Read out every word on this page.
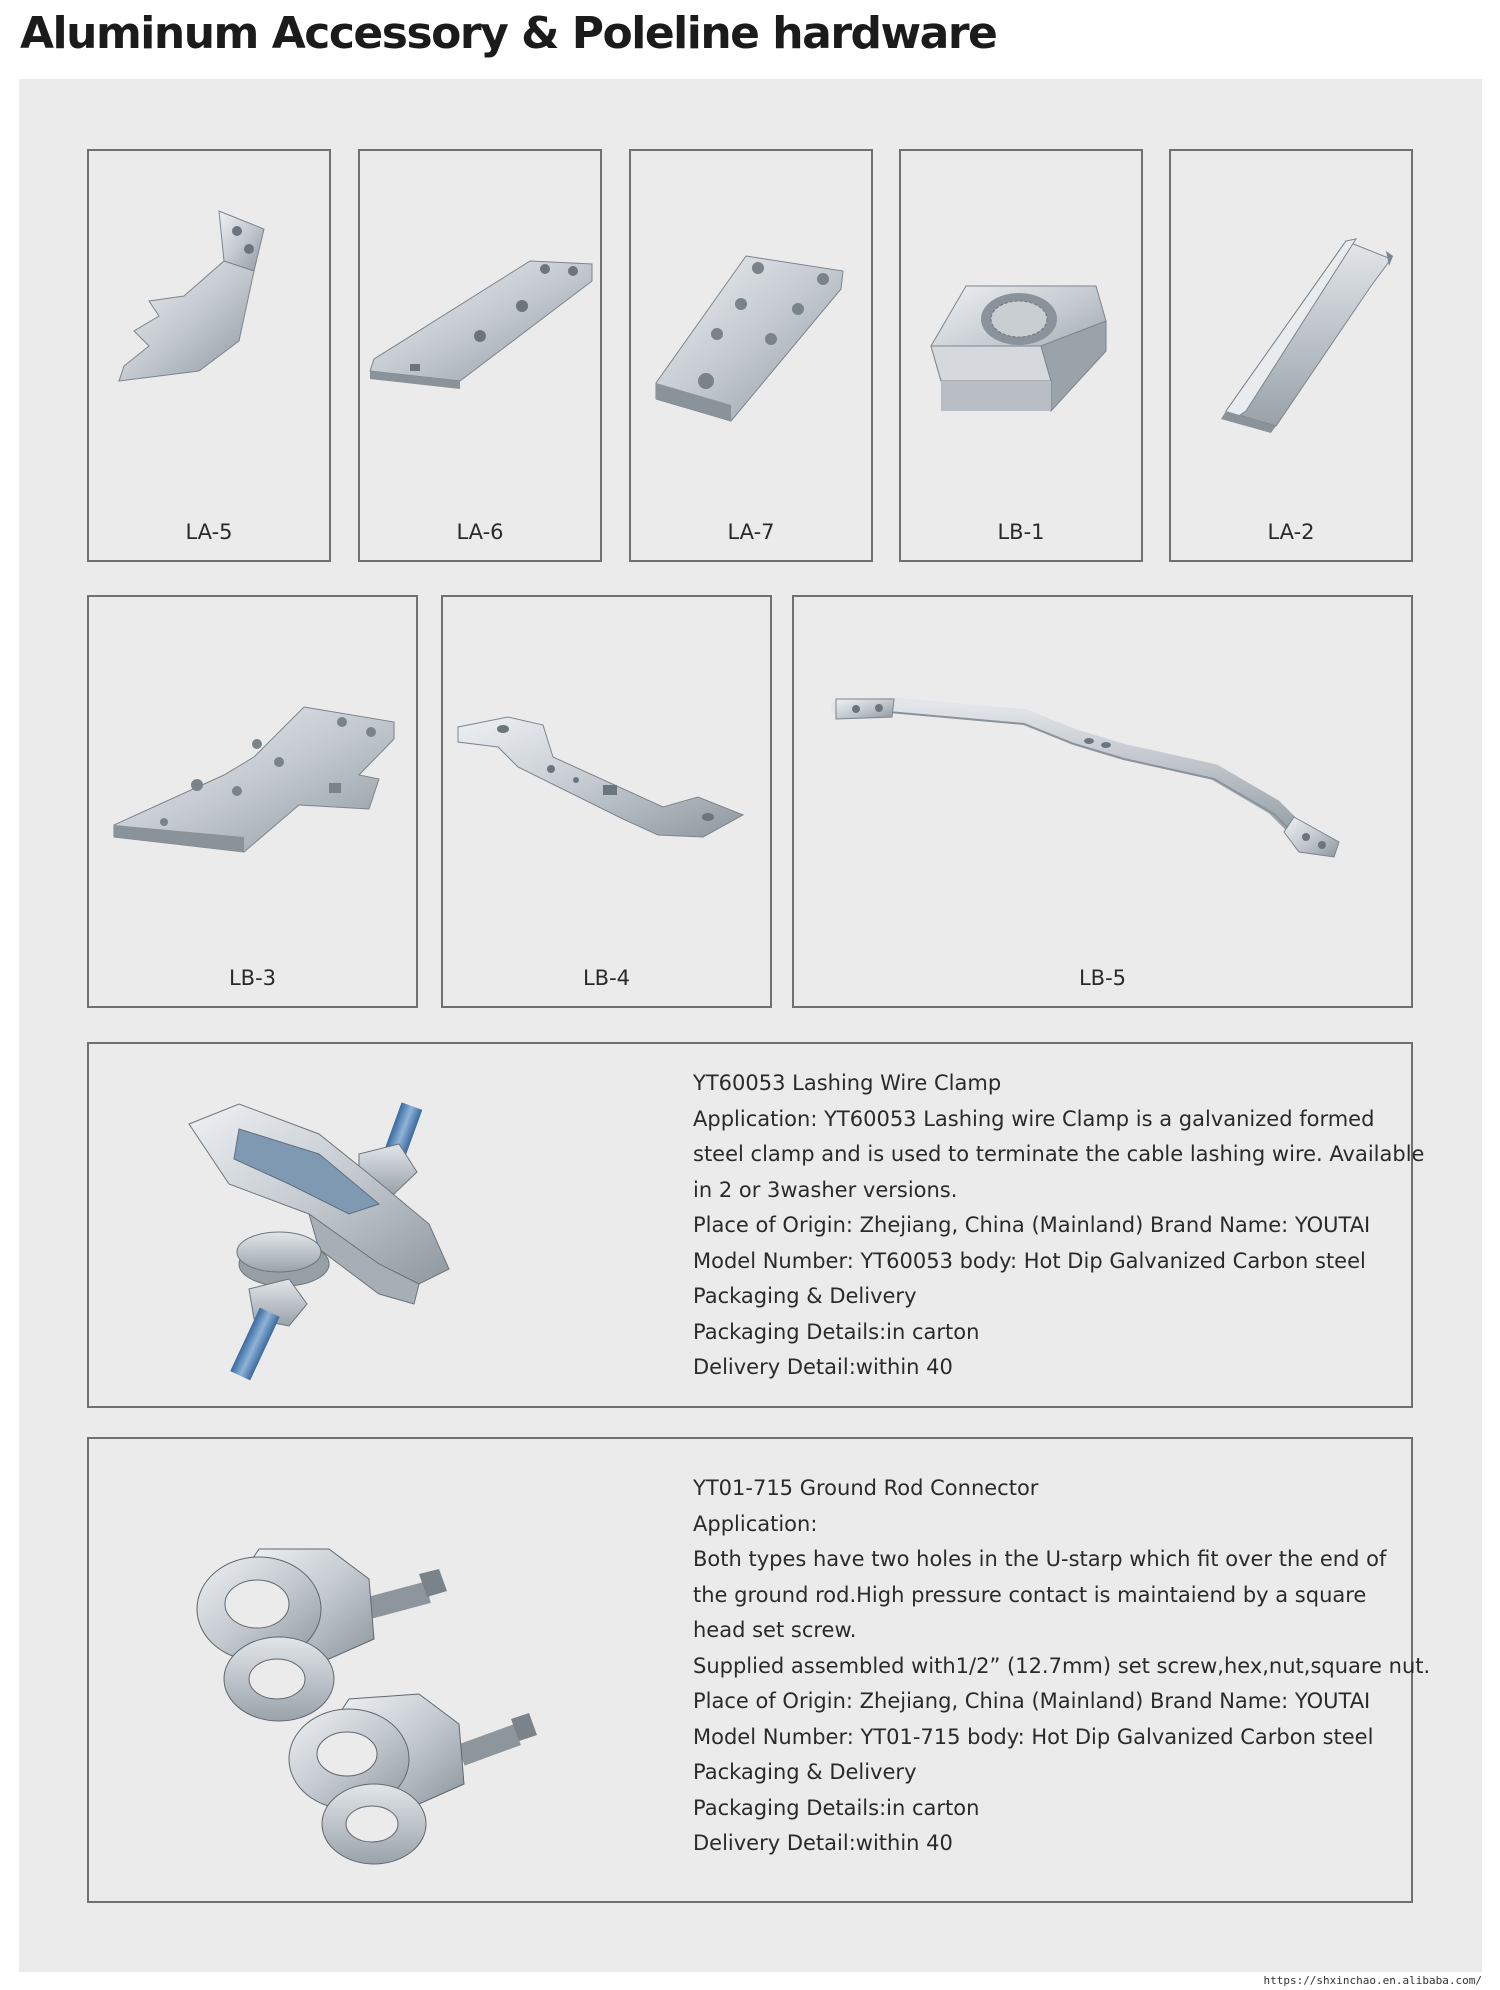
Aluminum Accessory & Poleline hardware
LA-5	LA-6	LA-7	LB-1	LA-2
LB-3	LB-4	LB-5
YT60053 Lashing Wire Clamp
Application: YT60053 Lashing wire Clamp is a galvanized formed
steel clamp and is used to terminate the cable lashing wire. Available
in 2 or 3washer versions.
Place of Origin: Zhejiang, China (Mainland) Brand Name: YOUTAI
Model Number: YT60053 body: Hot Dip Galvanized Carbon steel
Packaging & Delivery
Packaging Details:in carton
Delivery Detail:within 40
YT01-715 Ground Rod Connector
Application:
Both types have two holes in the U-starp which fit over the end of
the ground rod.High pressure contact is maintaiend by a square
head set screw.
Supplied assembled with1/2” (12.7mm) set screw,hex,nut,square nut.
Place of Origin: Zhejiang, China (Mainland) Brand Name: YOUTAI
Model Number: YT01-715 body: Hot Dip Galvanized Carbon steel
Packaging & Delivery
Packaging Details:in carton
Delivery Detail:within 40
https://shxinchao.en.alibaba.com/
